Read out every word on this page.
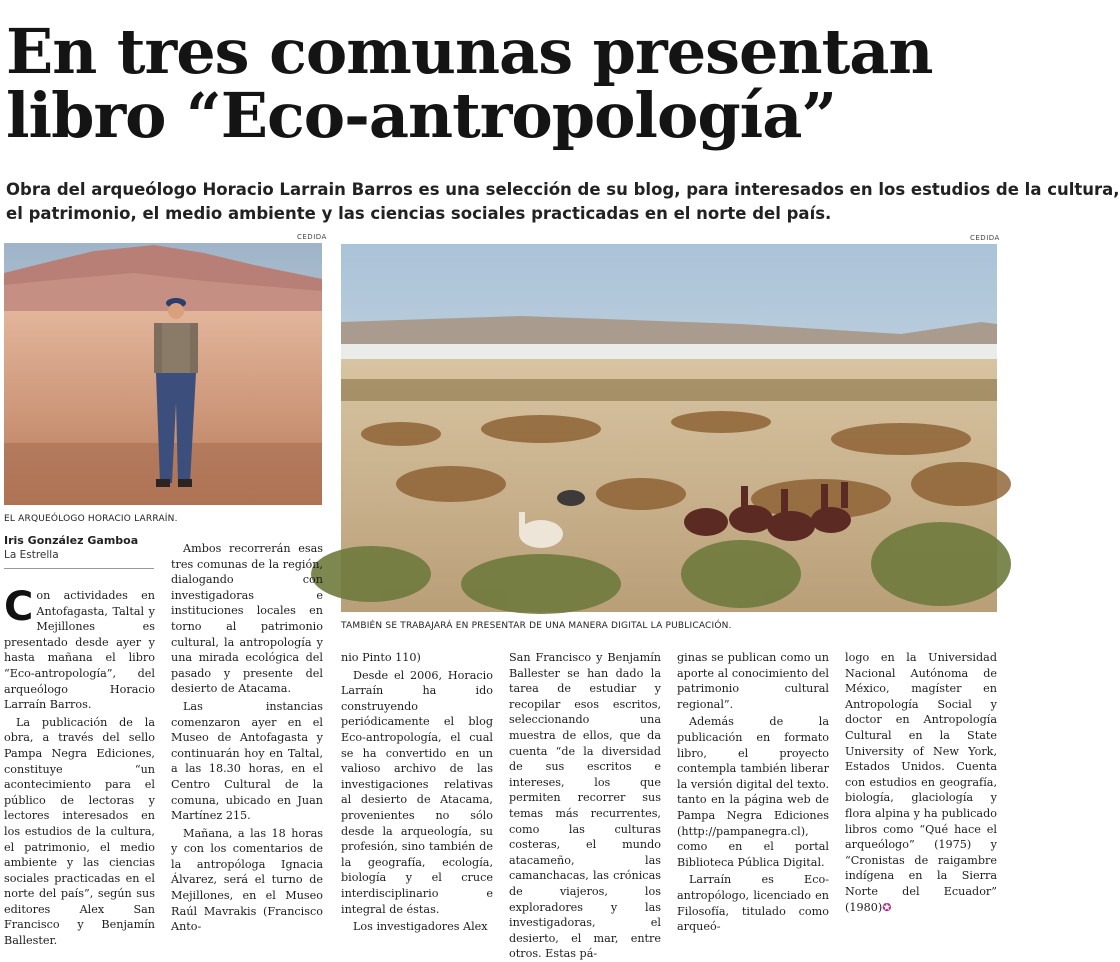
En tres comunas presentan
libro “Eco-antropología”
Obra del arqueólogo Horacio Larrain Barros es una selección de su blog, para interesados en los estudios de la cultura,
el patrimonio, el medio ambiente y las ciencias sociales practicadas en el norte del país.
CEDIDA
EL ARQUEÓLOGO HORACIO LARRAÍN.
CEDIDA
TAMBIÉN SE TRABAJARÁ EN PRESENTAR DE UNA MANERA DIGITAL LA PUBLICACIÓN.
Iris González Gamboa
La Estrella

Con actividades en Antofagasta, Taltal y Mejillones es presentado desde ayer y hasta mañana el libro “Eco-antropología”, del arqueólogo Horacio Larraín Barros.

La publicación de la obra, a través del sello Pampa Negra Ediciones, constituye “un acontecimiento para el público de lectoras y lectores interesados en los estudios de la cultura, el patrimonio, el medio ambiente y las ciencias sociales practicadas en el norte del país”, según sus editores Alex San Francisco y Benjamín Ballester.

Ambos recorrerán esas tres comunas de la región, dialogando con investigadoras e instituciones locales en torno al patrimonio cultural, la antropología y una mirada ecológica del pasado y presente del desierto de Atacama.

Las instancias comenzaron ayer en el Museo de Antofagasta y continuarán hoy en Taltal, a las 18.30 horas, en el Centro Cultural de la comuna, ubicado en Juan Martínez 215.

Mañana, a las 18 horas y con los comentarios de la antropóloga Ignacia Álvarez, será el turno de Mejillones, en el Museo Raúl Mavrakis (Francisco Anto-

nio Pinto 110)

Desde el 2006, Horacio Larraín ha ido construyendo periódicamente el blog Eco-antropología, el cual se ha convertido en un valioso archivo de las investigaciones relativas al desierto de Atacama, provenientes no sólo desde la arqueología, su profesión, sino también de la geografía, ecología, biología y el cruce interdisciplinario e integral de éstas.

Los investigadores Alex

San Francisco y Benjamín Ballester se han dado la tarea de estudiar y recopilar esos escritos, seleccionando una muestra de ellos, que da cuenta “de la diversidad de sus escritos e intereses, los que permiten recorrer sus temas más recurrentes, como las culturas costeras, el mundo atacameño, las camanchacas, las crónicas de viajeros, los exploradores y las investigadoras, el desierto, el mar, entre otros. Estas pá-

ginas se publican como un aporte al conocimiento del patrimonio cultural regional”.

Además de la publicación en formato libro, el proyecto contempla también liberar la versión digital del texto. tanto en la página web de Pampa Negra Ediciones (http://pampanegra.cl), como en el portal Biblioteca Pública Digital.

Larraín es Eco-antropólogo, licenciado en Filosofía, titulado como arqueó-

logo en la Universidad Nacional Autónoma de México, magíster en Antropología Social y doctor en Antropología Cultural en la State University of New York, Estados Unidos. Cuenta con estudios en geografía, biología, glaciología y flora alpina y ha publicado libros como “Qué hace el arqueólogo” (1975) y “Cronistas de raigambre indígena en la Sierra Norte del Ecuador” (1980)✪
